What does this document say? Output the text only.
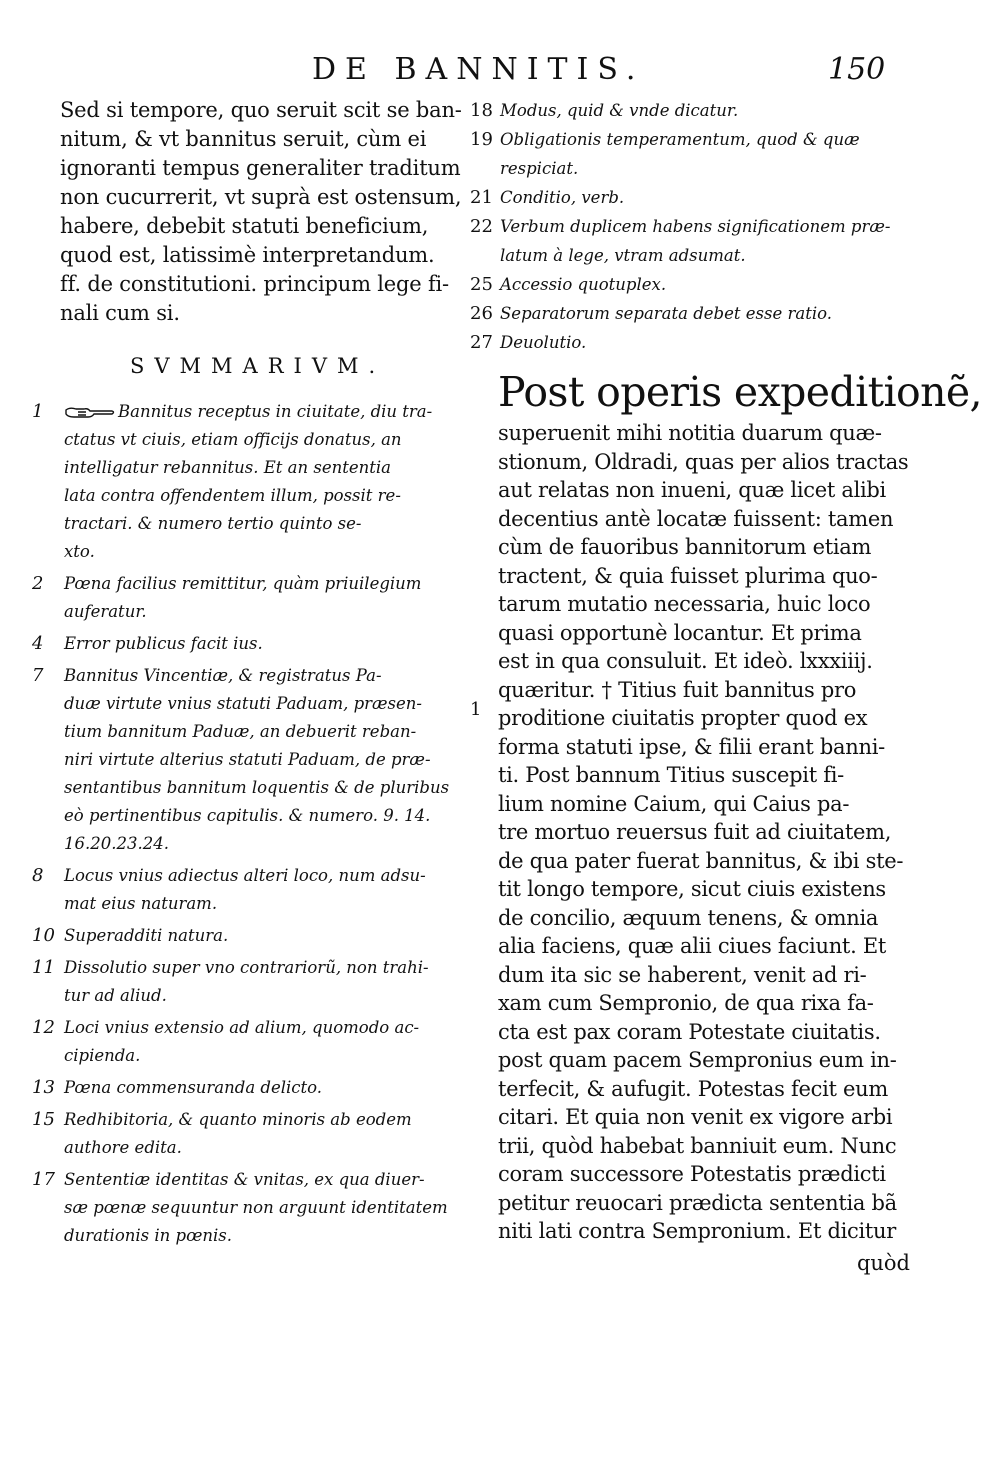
DE BANNITIS.	150
Sed si tempore, quo seruit scit se ban-
nitum, & vt bannitus seruit, cùm ei
ignoranti tempus generaliter traditum
non cucurrerit, vt suprà est ostensum,
habere, debebit statuti beneficium,
quod est, latissimè interpretandum.
ff. de constitutioni. principum lege fi-
nali cum si.
SVMMARIVM.
1	Bannitus receptus in ciuitate, diu tra-
ctatus vt ciuis, etiam officijs donatus, an
intelligatur rebannitus. Et an sententia
lata contra offendentem illum, possit re-
tractari. & numero tertio quinto se-
xto.
2	Pœna facilius remittitur, quàm priuilegium
auferatur.
4	Error publicus facit ius.
7	Bannitus Vincentiæ, & registratus Pa-
duæ virtute vnius statuti Paduam, præsen-
tium bannitum Paduæ, an debuerit reban-
niri virtute alterius statuti Paduam, de præ-
sentantibus bannitum loquentis & de pluribus
eò pertinentibus capitulis. & numero. 9. 14.
16.20.23.24.
8	Locus vnius adiectus alteri loco, num adsu-
mat eius naturam.
10 Superadditi natura.
11 Dissolutio super vno contrariorũ, non trahi-
tur ad aliud.
12 Loci vnius extensio ad alium, quomodo ac-
cipienda.
13 Pœna commensuranda delicto.
15 Redhibitoria, & quanto minoris ab eodem
authore edita.
17 Sententiæ identitas & vnitas, ex qua diuer-
sæ pœnæ sequuntur non arguunt identitatem
durationis in pœnis.
18 Modus, quid & vnde dicatur.
19 Obligationis temperamentum, quod & quæ
respiciat.
21 Conditio, verb.
22 Verbum duplicem habens significationem præ-
latum à lege, vtram adsumat.
25 Accessio quotuplex.
26 Separatorum separata debet esse ratio.
27 Deuolutio.
Post operis expeditionẽ,
1
superuenit mihi notitia duarum quæ-
stionum, Oldradi, quas per alios tractas
aut relatas non inueni, quæ licet alibi
decentius antè locatæ fuissent: tamen
cùm de fauoribus bannitorum etiam
tractent, & quia fuisset plurima quo-
tarum mutatio necessaria, huic loco
quasi opportunè locantur. Et prima
est in qua consuluit. Et ideò. lxxxiiij.
quæritur. † Titius fuit bannitus pro
proditione ciuitatis propter quod ex
forma statuti ipse, & filii erant banni-
ti. Post bannum Titius suscepit fi-
lium nomine Caium, qui Caius pa-
tre mortuo reuersus fuit ad ciuitatem,
de qua pater fuerat bannitus, & ibi ste-
tit longo tempore, sicut ciuis existens
de concilio, æquum tenens, & omnia
alia faciens, quæ alii ciues faciunt. Et
dum ita sic se haberent, venit ad ri-
xam cum Sempronio, de qua rixa fa-
cta est pax coram Potestate ciuitatis.
post quam pacem Sempronius eum in-
terfecit, & aufugit. Potestas fecit eum
citari. Et quia non venit ex vigore arbi
trii, quòd habebat banniuit eum. Nunc
coram successore Potestatis prædicti
petitur reuocari prædicta sententia bã
niti lati contra Sempronium. Et dicitur
quòd
